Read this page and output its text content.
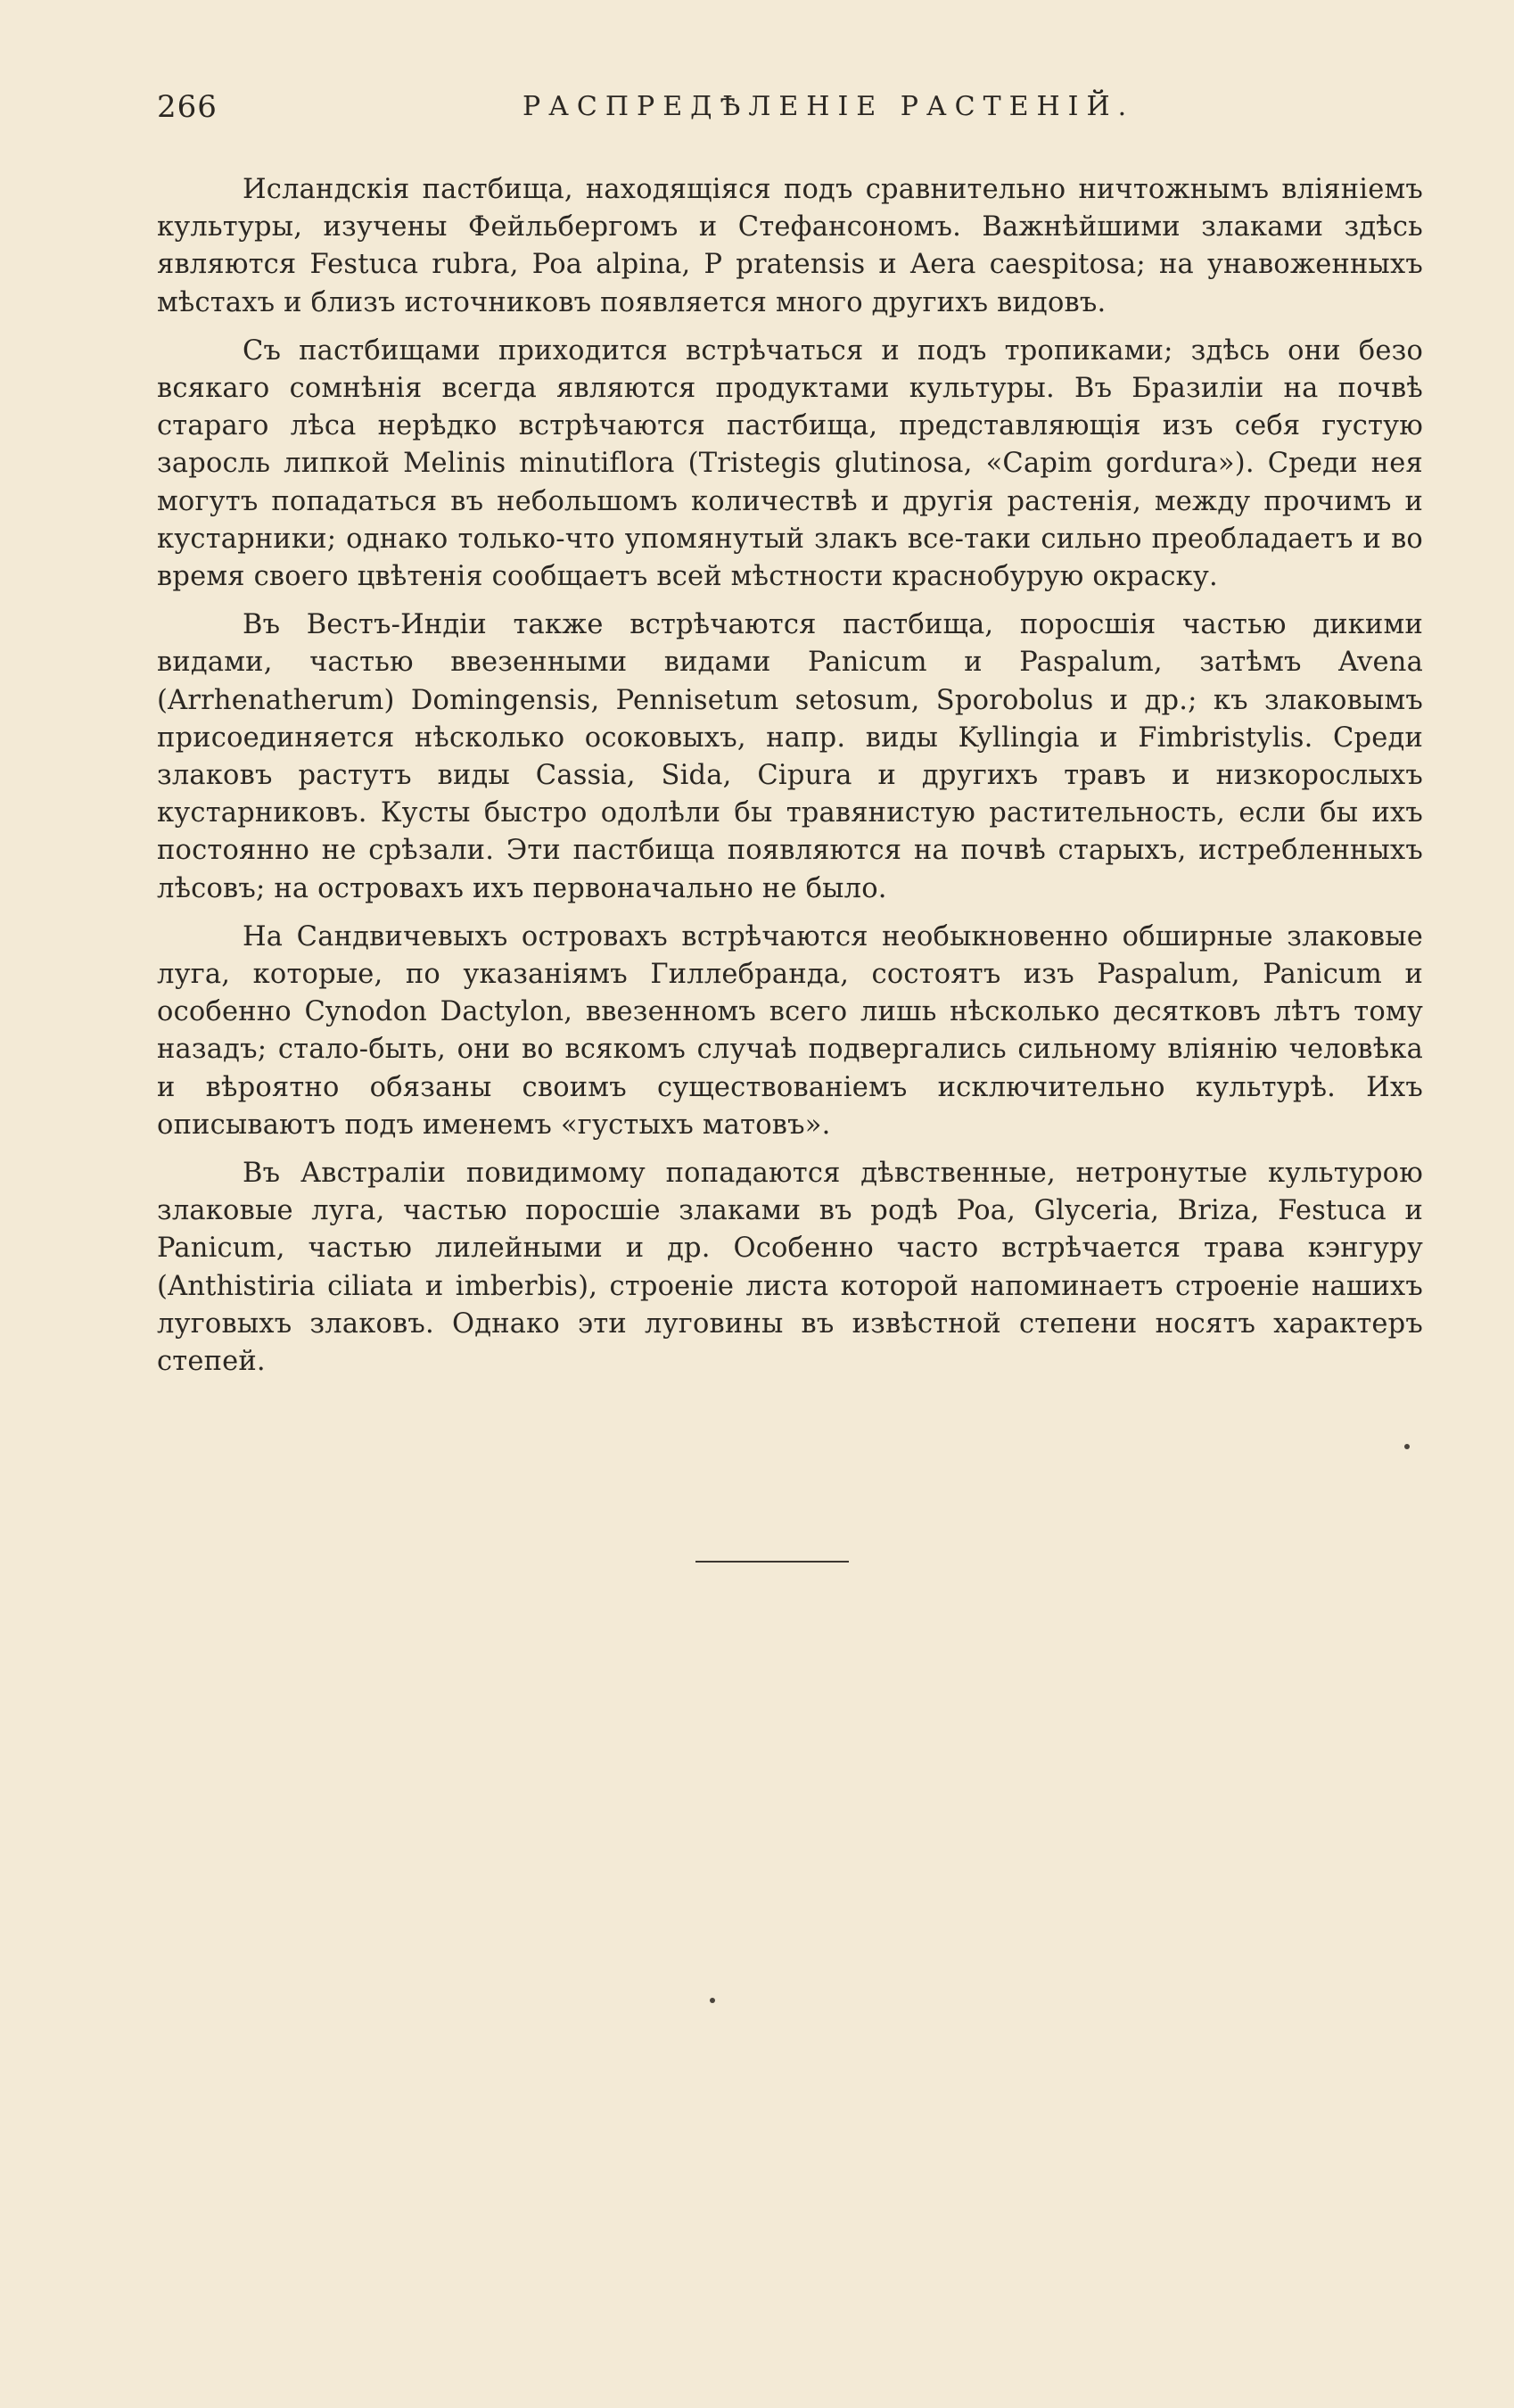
266	РАСПРЕДѢЛЕНІЕ РАСТЕНІЙ.

Исландскія пастбища, находящіяся подъ сравнительно ничтожнымъ вліяніемъ культуры, изучены Фейльбергомъ и Стефансономъ. Важнѣйшими злаками здѣсь являются Festuca rubra, Poa alpina, P pratensis и Aera caespitosa; на унавоженныхъ мѣстахъ и близъ источниковъ появляется много другихъ видовъ.

Съ пастбищами приходится встрѣчаться и подъ тропиками; здѣсь они безо всякаго сомнѣнія всегда являются продуктами культуры. Въ Бразиліи на почвѣ стараго лѣса нерѣдко встрѣчаются пастбища, представляющія изъ себя густую заросль липкой Melinis minutiflora (Tristegis glutinosa, «Capim gordura»). Среди нея могутъ попадаться въ небольшомъ количествѣ и другія растенія, между прочимъ и кустарники; однако только-что упомянутый злакъ все-таки сильно преобладаетъ и во время своего цвѣтенія сообщаетъ всей мѣстности краснобурую окраску.

Въ Вестъ-Индіи также встрѣчаются пастбища, поросшія частью дикими видами, частью ввезенными видами Panicum и Paspalum, затѣмъ Avena (Arrhenatherum) Domingensis, Pennisetum setosum, Sporobolus и др.; къ злаковымъ присоединяется нѣсколько осоковыхъ, напр. виды Kyllingia и Fimbristylis. Среди злаковъ растутъ виды Cassia, Sida, Cipura и другихъ травъ и низкорослыхъ кустарниковъ. Кусты быстро одолѣли бы травянистую растительность, если бы ихъ постоянно не срѣзали. Эти пастбища появляются на почвѣ старыхъ, истребленныхъ лѣсовъ; на островахъ ихъ первоначально не было.

На Сандвичевыхъ островахъ встрѣчаются необыкновенно обширные злаковые луга, которые, по указаніямъ Гиллебранда, состоятъ изъ Paspalum, Panicum и особенно Cynodon Dactylon, ввезенномъ всего лишь нѣсколько десятковъ лѣтъ тому назадъ; стало-быть, они во всякомъ случаѣ подвергались сильному вліянію человѣка и вѣроятно обязаны своимъ существованіемъ исключительно культурѣ. Ихъ описываютъ подъ именемъ «густыхъ матовъ».

Въ Австраліи повидимому попадаются дѣвственные, нетронутые культурою злаковые луга, частью поросшіе злаками въ родѣ Poa, Glyceria, Briza, Festuca и Panicum, частью лилейными и др. Особенно часто встрѣчается трава кэнгуру (Anthistiria ciliata и imberbis), строеніе листа которой напоминаетъ строеніе нашихъ луговыхъ злаковъ. Однако эти луговины въ извѣстной степени носятъ характеръ степей.
